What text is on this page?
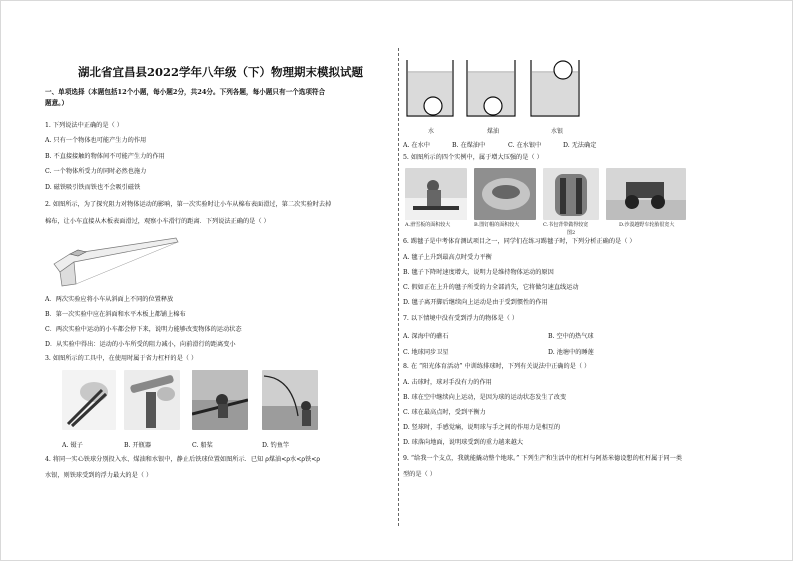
湖北省宜昌县2022学年八年级（下）物理期末模拟试题
一、单项选择（本题包括12个小题，每小题2分，共24分。下列各题，每小题只有一个选项符合
题意。）
1. 下列说法中正确的是（ ）
A. 只有一个物体也可能产生力的作用
B. 不直接接触的物体间不可能产生力的作用
C. 一个物体所受力的同时必然也施力
D. 磁铁吸引铁而铁也不会吸引磁铁
2. 如图所示，为了探究阻力对物体运动的影响，第一次实验时让小车从棉布表面滑过，第二次实验时去掉
棉布，让小车直接从木板表面滑过，观察小车滑行的距离．下列说法正确的是（ ）
A．两次实验应将小车从斜面上不同的位置释放
B．第一次实验中应在斜面和水平木板上都铺上棉布
C．两次实验中运动的小车都会停下来，说明力能够改变物体的运动状态
D．从实验中得出：运动的小车所受的阻力减小，向前滑行的距离变小
3. 如图所示的工具中，在使用时属于省力杠杆的是（ ）
A. 镊子	B. 开瓶器	C. 船桨	D. 钓鱼竿
4. 将同一实心铁球分别投入水、煤油和水银中，静止后铁球位置如图所示．已知 ρ煤油<ρ水<ρ铁<ρ
水银，则铁球受到的浮力最大的是（ ）
水	煤油	水银
A. 在水中	B. 在煤油中	C. 在水银中	D. 无法确定
5. 如图所示的四个实例中，属于增大压强的是（ ）
A.滑雪板的面积较大	B.图钉帽的面积较大	C.书包背带做得较宽	D.沙漠越野车轮胎很宽大
图2
6. 踢毽子是中考体育测试项目之一，同学们在练习踢毽子时，下列分析正确的是（ ）
A. 毽子上升到最高点时受力平衡
B. 毽子下降时速度增大，说明力是维持物体运动的原因
C. 假如正在上升的毽子所受的力全部消失，它将做匀速直线运动
D. 毽子离开脚后继续向上运动是由于受到惯性的作用
7. 以下情境中没有受到浮力的物体是（ ）
A. 深海中的礁石	B. 空中的热气球
C. 地球同步卫星	D. 池塘中的睡莲
8. 在 “阳光体育活动” 中训练排球时，下列有关说法中正确的是（ ）
A. 击球时，球对手没有力的作用
B. 球在空中继续向上运动，是因为球的运动状态发生了改变
C. 球在最高点时，受到平衡力
D. 竖球时，手感觉痛，说明球与手之间的作用力是相互的
D. 球落向地面，说明球受到的重力越来越大
9. “给我一个支点，我就能撬动整个地球。” 下列生产和生活中的杠杆与阿基米德设想的杠杆属于同一类
型的是（ ）
